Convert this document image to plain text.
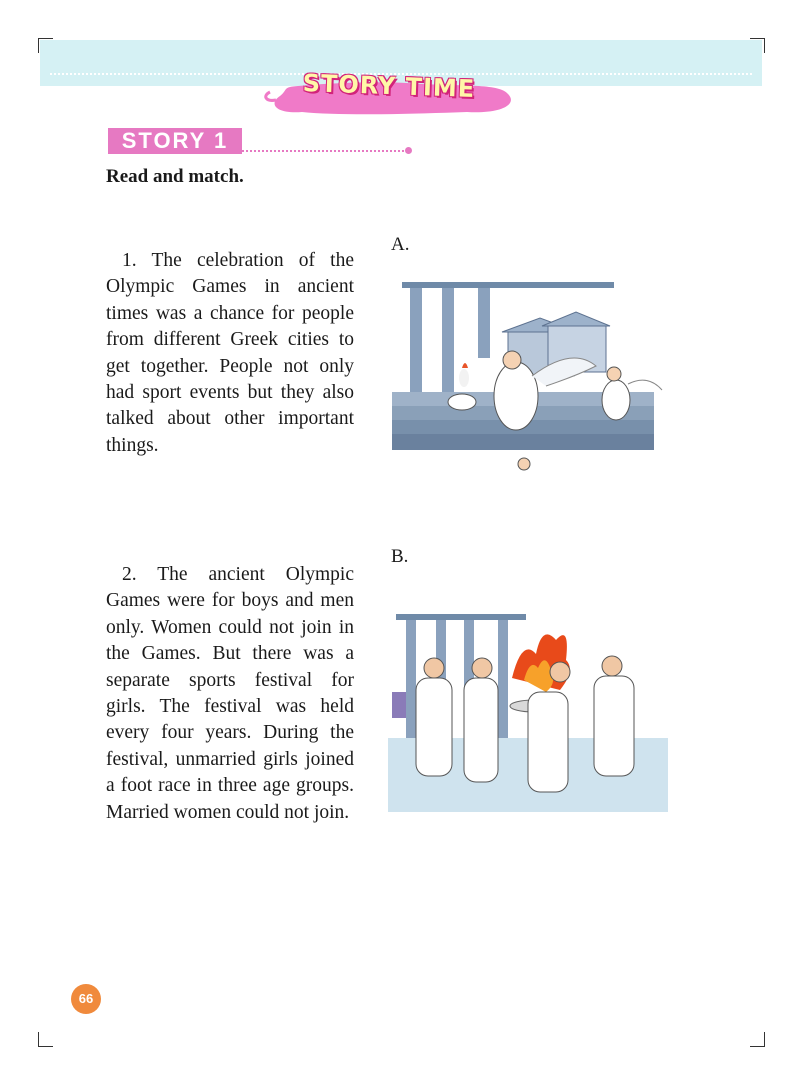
STORY TIME
STORY 1
Read and match.

1. The celebration of the Olympic Games in ancient times was a chance for people from different Greek cities to get together. People not only had sport events but they also talked about other important things.

2. The ancient Olympic Games were for boys and men only. Women could not join in the Games. But there was a separate sports festival for girls. The festival was held every four years. During the festival, unmarried girls joined a foot race in three age groups. Married women could not join.

A.
B.
66
